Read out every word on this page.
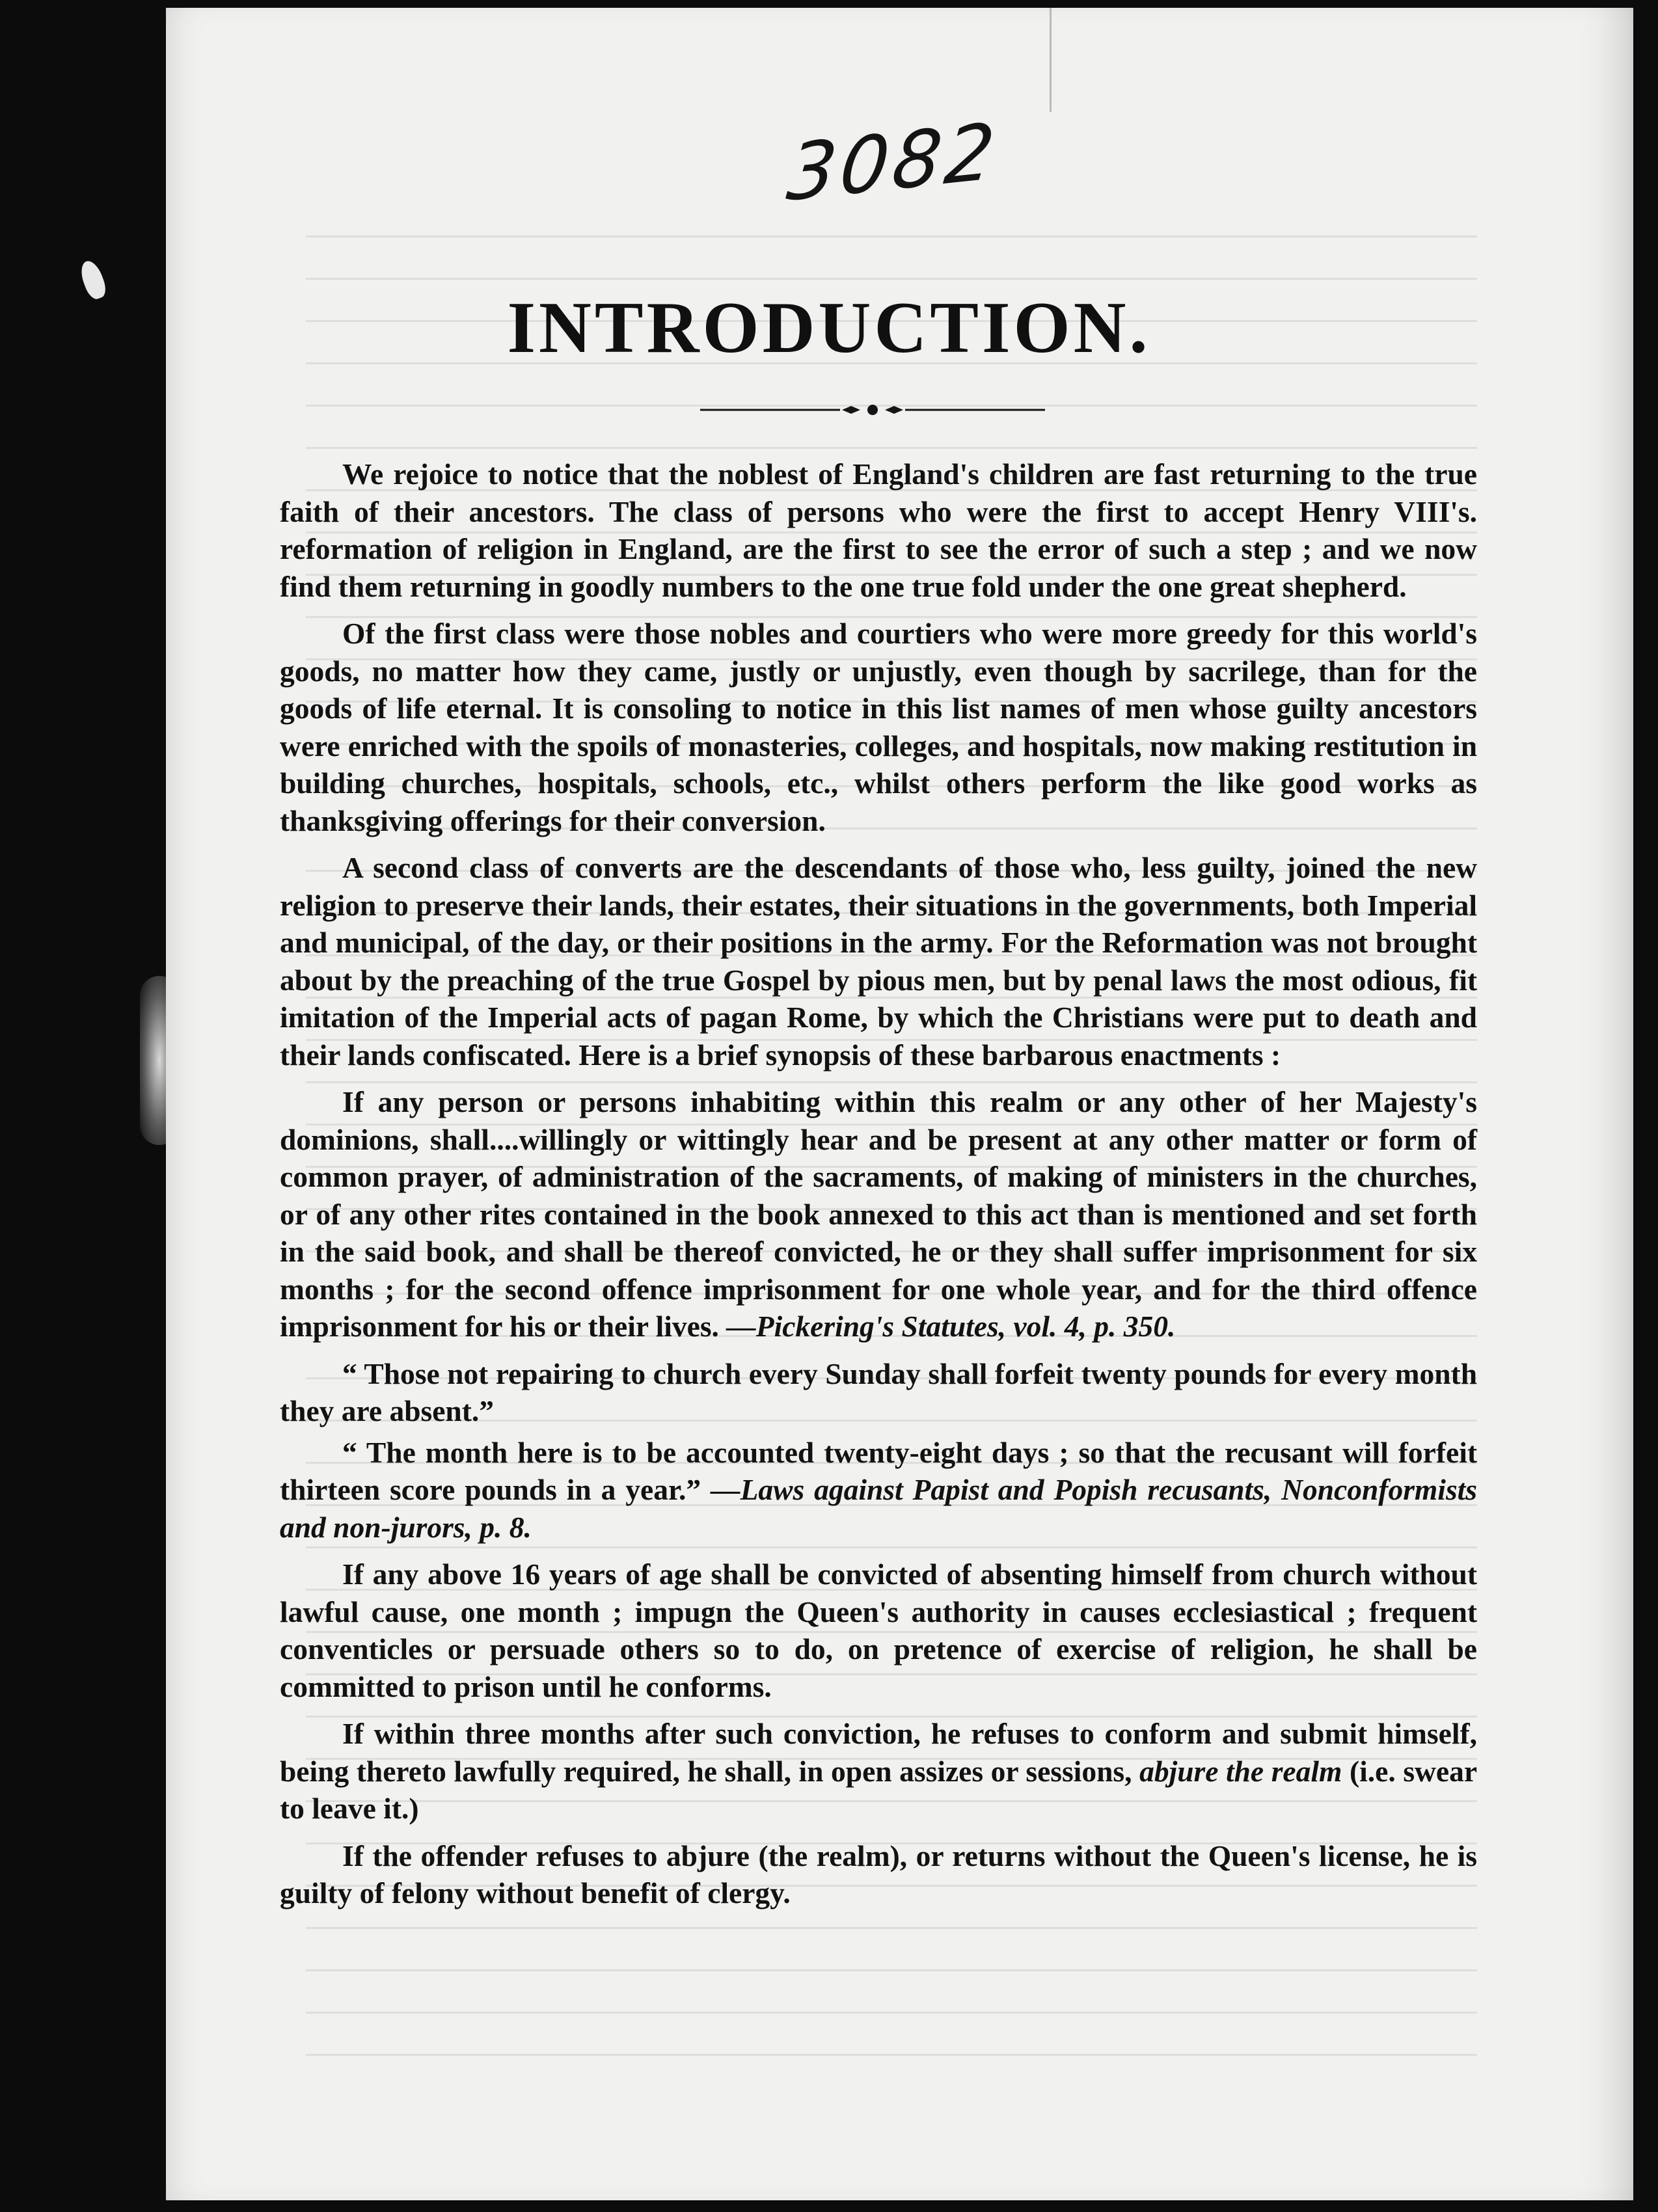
3082
INTRODUCTION.

We rejoice to notice that the noblest of England's children are fast returning to the true faith of their ancestors. The class of persons who were the first to accept Henry VIII's. reformation of religion in England, are the first to see the error of such a step ; and we now find them returning in goodly numbers to the one true fold under the one great shepherd.

Of the first class were those nobles and courtiers who were more greedy for this world's goods, no matter how they came, justly or unjustly, even though by sacrilege, than for the goods of life eternal. It is consoling to notice in this list names of men whose guilty ancestors were enriched with the spoils of monasteries, colleges, and hospitals, now making restitution in building churches, hospitals, schools, etc., whilst others perform the like good works as thanksgiving offerings for their conversion.

A second class of converts are the descendants of those who, less guilty, joined the new religion to preserve their lands, their estates, their situations in the governments, both Imperial and municipal, of the day, or their positions in the army. For the Reformation was not brought about by the preaching of the true Gospel by pious men, but by penal laws the most odious, fit imitation of the Imperial acts of pagan Rome, by which the Christians were put to death and their lands confiscated. Here is a brief synopsis of these barbarous enactments :

If any person or persons inhabiting within this realm or any other of her Majesty's dominions, shall....willingly or wittingly hear and be present at any other matter or form of common prayer, of administration of the sacraments, of making of ministers in the churches, or of any other rites contained in the book annexed to this act than is mentioned and set forth in the said book, and shall be thereof convicted, he or they shall suffer imprisonment for six months ; for the second offence imprisonment for one whole year, and for the third offence imprisonment for his or their lives. —Pickering's Statutes, vol. 4, p. 350.

“ Those not repairing to church every Sunday shall forfeit twenty pounds for every month they are absent.”

“ The month here is to be accounted twenty-eight days ; so that the recusant will forfeit thirteen score pounds in a year.” —Laws against Papist and Popish recusants, Nonconformists and non-jurors, p. 8.

If any above 16 years of age shall be convicted of absenting himself from church without lawful cause, one month ; impugn the Queen's authority in causes ecclesiastical ; frequent conventicles or persuade others so to do, on pretence of exercise of religion, he shall be committed to prison until he conforms.

If within three months after such conviction, he refuses to conform and submit himself, being thereto lawfully required, he shall, in open assizes or sessions, abjure the realm (i.e. swear to leave it.)

If the offender refuses to abjure (the realm), or returns without the Queen's license, he is guilty of felony without benefit of clergy.
